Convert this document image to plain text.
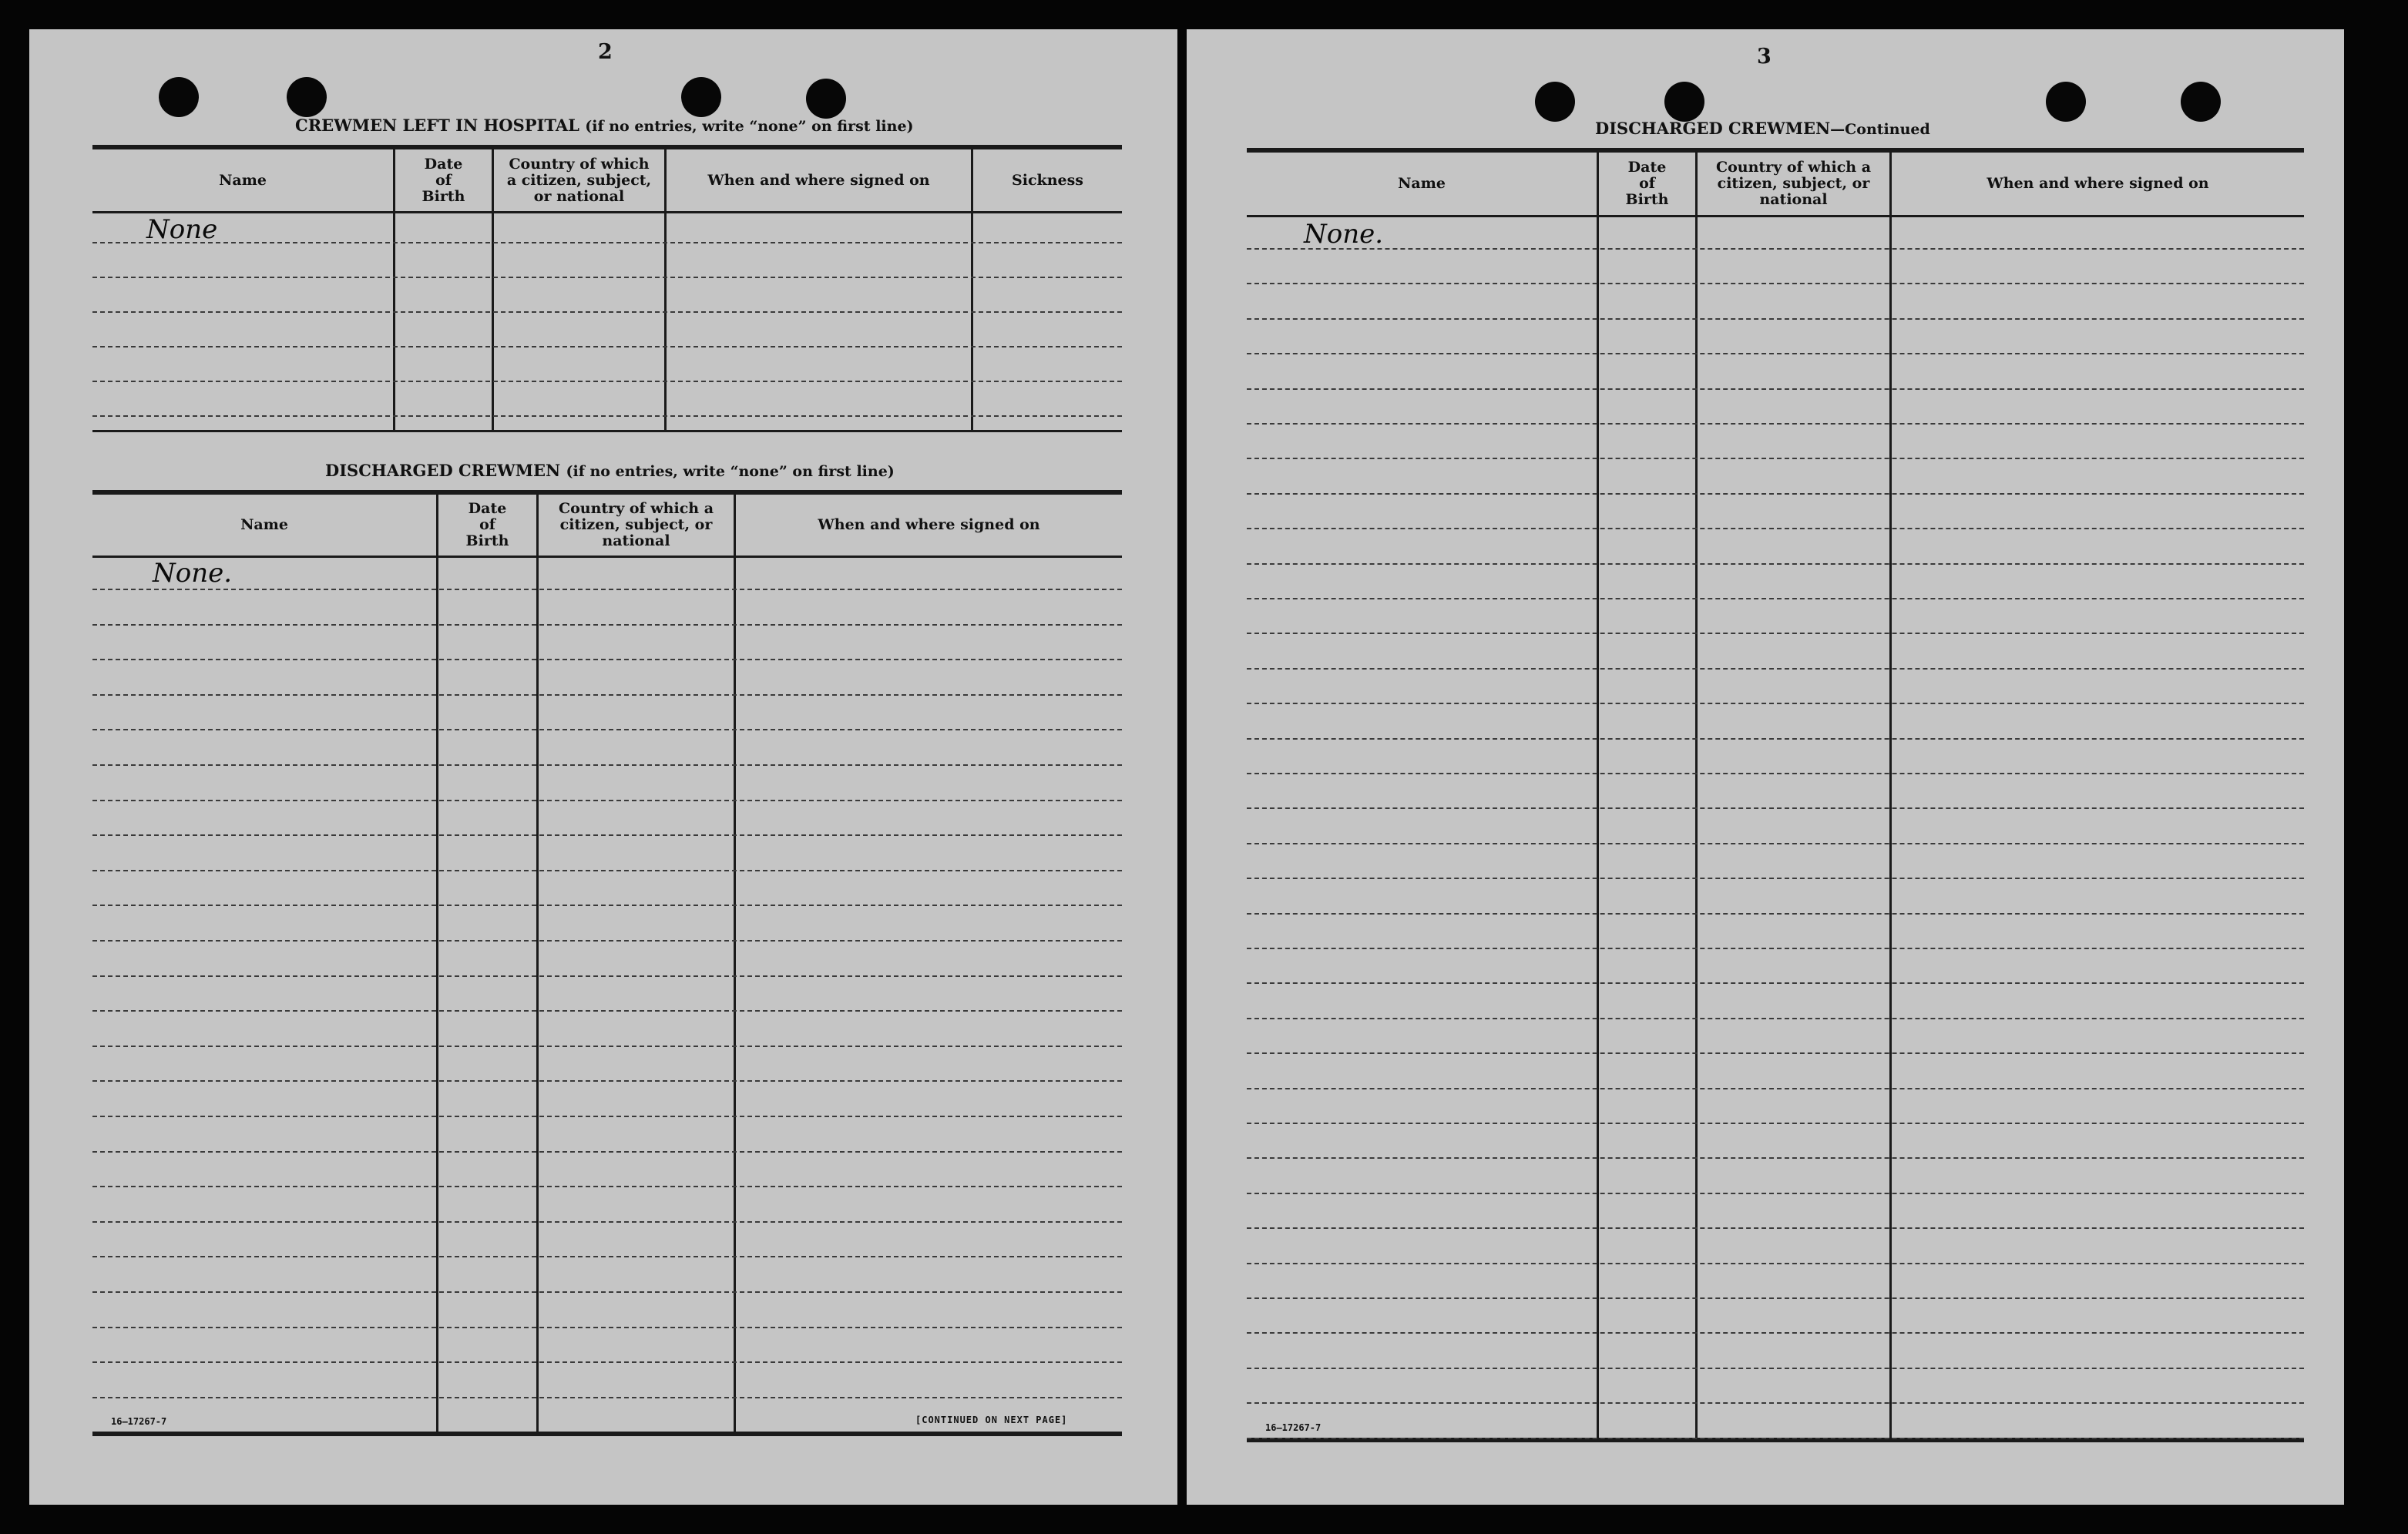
2
CREWMEN LEFT IN HOSPITAL (if no entries, write “none” on first line)
Name
Date of Birth
Country of which a citizen, subject, or national
When and where signed on	Sickness
None
DISCHARGED CREWMEN (if no entries, write “none” on first line)
Name
Date of Birth
Country of which a citizen, subject, or national
When and where signed on
None.
16—17267-7	[CONTINUED ON NEXT PAGE]
3
DISCHARGED CREWMEN—Continued
Name
Date of Birth
Country of which a citizen, subject, or national
When and where signed on
None.
16—17267-7
